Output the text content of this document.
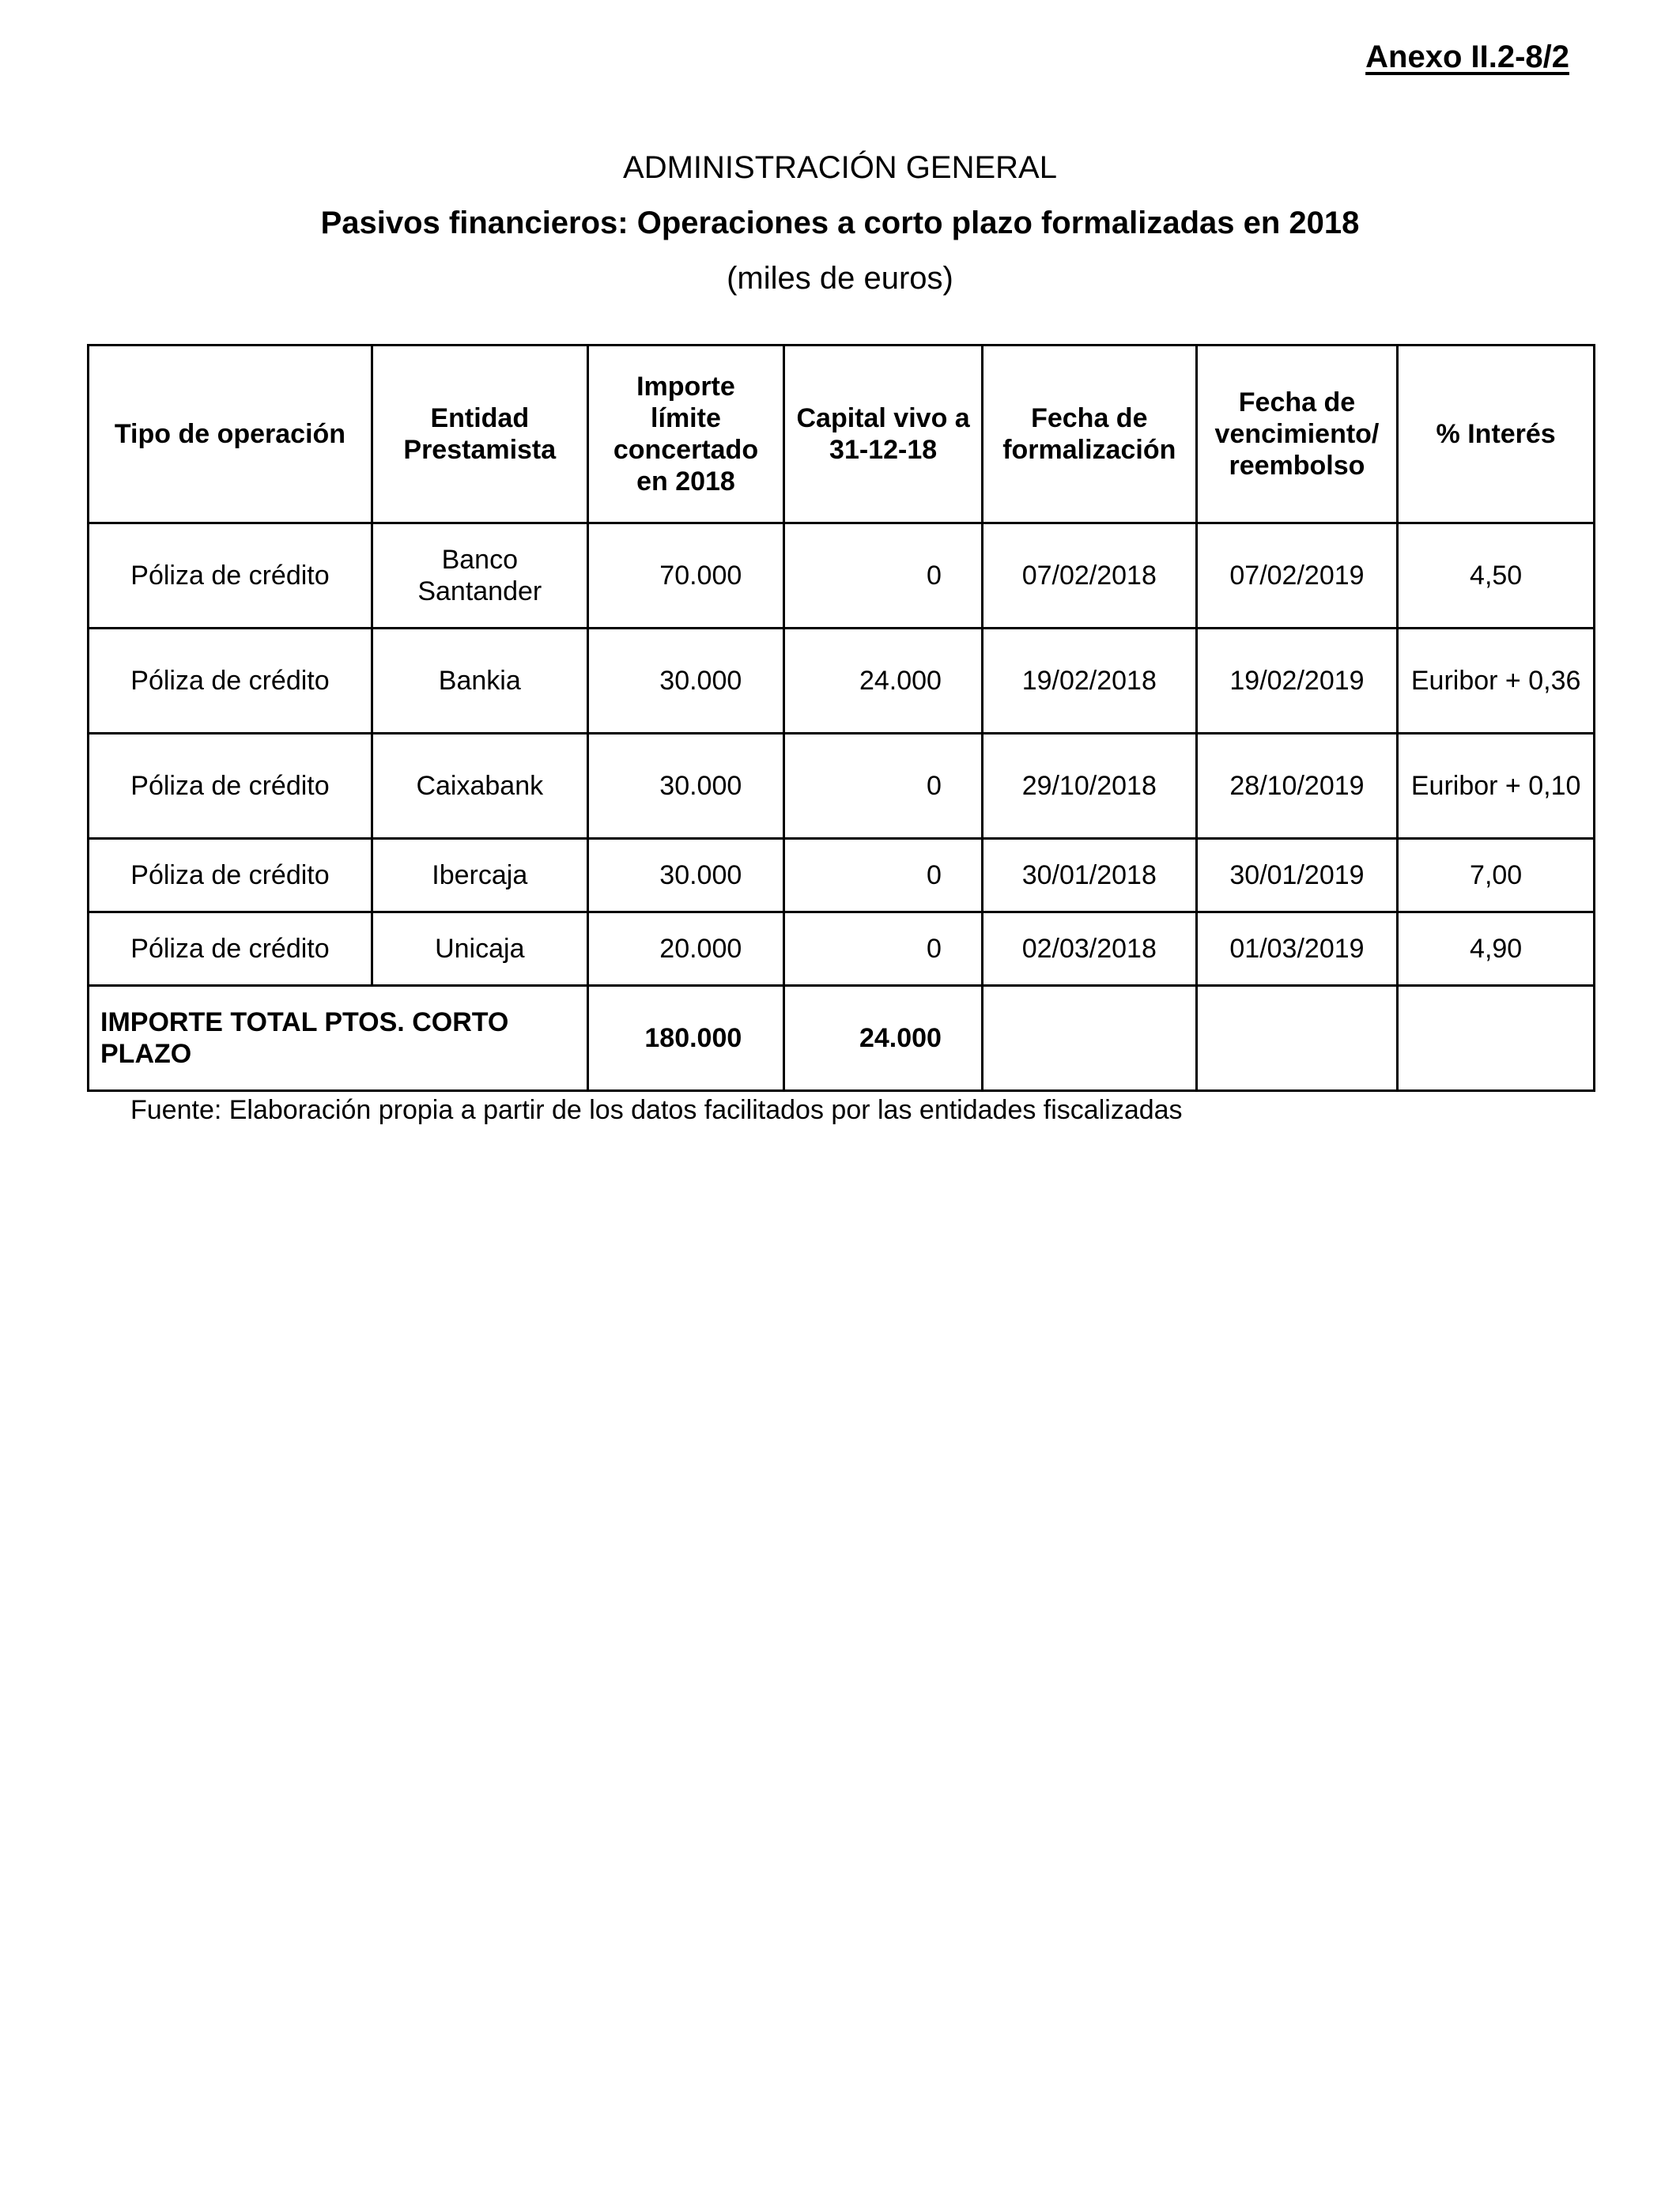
Anexo II.2-8/2
ADMINISTRACIÓN GENERAL
Pasivos financieros: Operaciones a corto plazo formalizadas en 2018
(miles de euros)
Tipo de operación	Entidad Prestamista	Importe límite concertado en 2018	Capital vivo a 31-12-18	Fecha de formalización	Fecha de vencimiento/ reembolso	% Interés
Póliza de crédito	Banco Santander	70.000	0	07/02/2018	07/02/2019	4,50
Póliza de crédito	Bankia	30.000	24.000	19/02/2018	19/02/2019	Euribor + 0,36
Póliza de crédito	Caixabank	30.000	0	29/10/2018	28/10/2019	Euribor + 0,10
Póliza de crédito	Ibercaja	30.000	0	30/01/2018	30/01/2019	7,00
Póliza de crédito	Unicaja	20.000	0	02/03/2018	01/03/2019	4,90
IMPORTE TOTAL PTOS. CORTO PLAZO		180.000	24.000			
Fuente: Elaboración propia a partir de los datos facilitados por las entidades fiscalizadas
